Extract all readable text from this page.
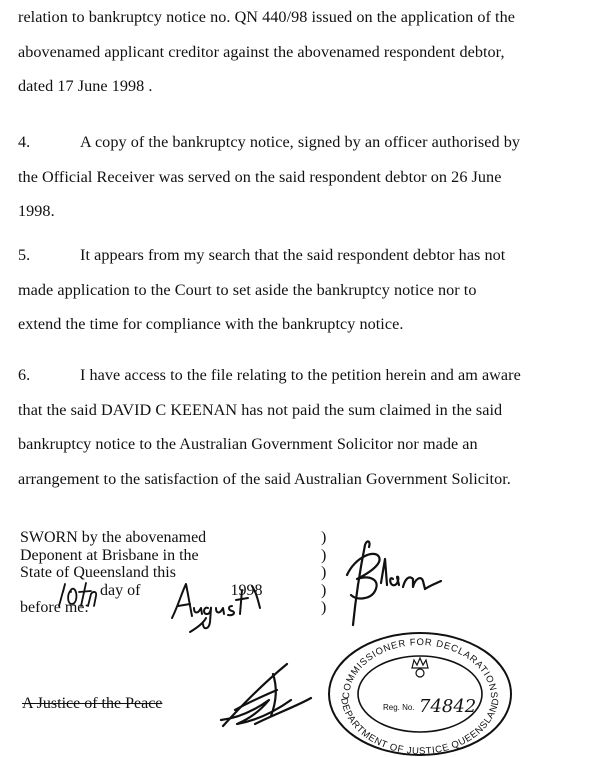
relation to bankruptcy notice no. QN 440/98 issued on the application of the
abovenamed applicant creditor against the abovenamed respondent debtor,
dated 17 June 1998 .
4.	A copy of the bankruptcy notice, signed by an officer authorised by
the Official Receiver was served on the said respondent debtor on 26 June
1998.
5.	It appears from my search that the said respondent debtor has not
made application to the Court to set aside the bankruptcy notice nor to
extend the time for compliance with the bankruptcy notice.
6.	I have access to the file relating to the petition herein and am aware
that the said DAVID C KEENAN has not paid the sum claimed in the said
bankruptcy notice to the Australian Government Solicitor nor made an
arrangement to the satisfaction of the said Australian Government Solicitor.
SWORN by the abovenamed
Deponent at Brisbane in the
State of Queensland this
day of	1998
before me:
)
)
)
)
)
A Justice of the Peace	COMMISSIONER FOR DECLARATIONS
DEPARTMENT OF JUSTICE QUEENSLAND
Reg. No. 74842
